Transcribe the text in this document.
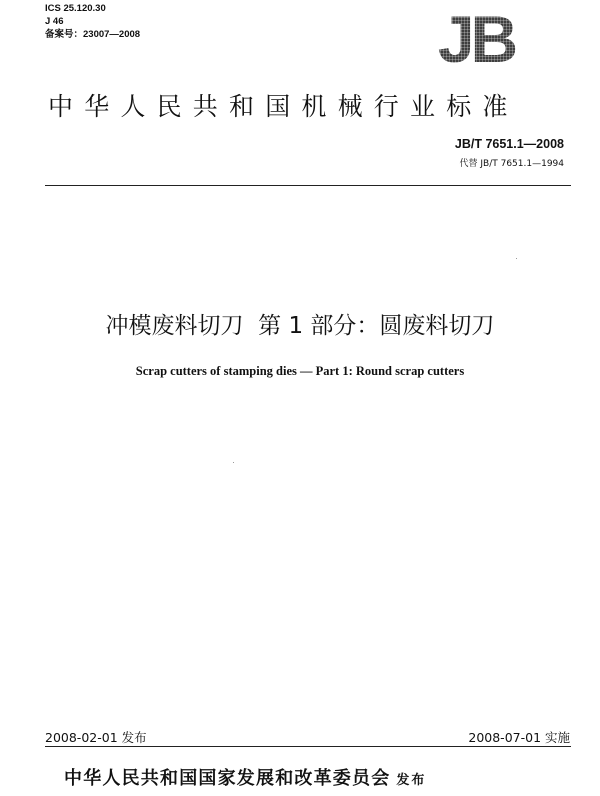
ICS 25.120.30
J 46
备案号：23007—2008	JB
中华人民共和国机械行业标准
JB/T 7651.1—2008
代替 JB/T 7651.1—1994
冲模废料切刀  第 1 部分：圆废料切刀
Scrap cutters of stamping dies — Part 1: Round scrap cutters
2008-02-01 发布	2008-07-01 实施
中华人民共和国国家发展和改革委员会 发布
